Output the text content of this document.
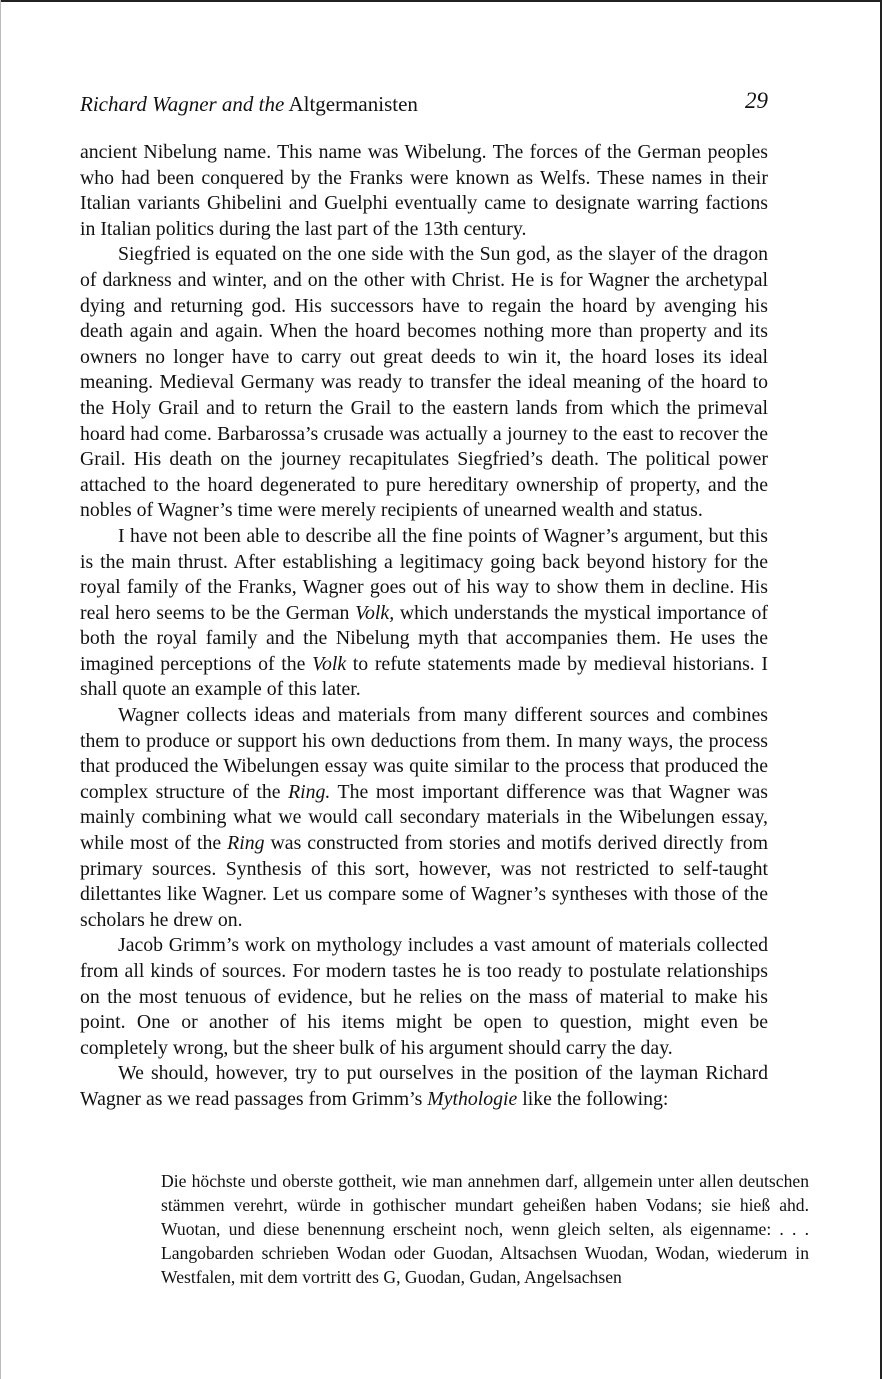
Richard Wagner and the Altgermanisten	29

ancient Nibelung name. This name was Wibelung. The forces of the German peoples who had been conquered by the Franks were known as Welfs. These names in their Italian variants Ghibelini and Guelphi eventually came to designate warring factions in Italian politics during the last part of the 13th century.

Siegfried is equated on the one side with the Sun god, as the slayer of the dragon of darkness and winter, and on the other with Christ. He is for Wagner the archetypal dying and returning god. His successors have to regain the hoard by avenging his death again and again. When the hoard becomes nothing more than property and its owners no longer have to carry out great deeds to win it, the hoard loses its ideal meaning. Medieval Germany was ready to transfer the ideal meaning of the hoard to the Holy Grail and to return the Grail to the eastern lands from which the primeval hoard had come. Barbarossa’s crusade was actually a journey to the east to recover the Grail. His death on the journey recapitulates Siegfried’s death. The political power attached to the hoard degenerated to pure hereditary ownership of property, and the nobles of Wagner’s time were merely recipients of unearned wealth and status.

I have not been able to describe all the fine points of Wagner’s argument, but this is the main thrust. After establishing a legitimacy going back beyond history for the royal family of the Franks, Wagner goes out of his way to show them in decline. His real hero seems to be the German Volk, which understands the mystical importance of both the royal family and the Nibelung myth that accompanies them. He uses the imagined perceptions of the Volk to refute statements made by medieval historians. I shall quote an example of this later.

Wagner collects ideas and materials from many different sources and combines them to produce or support his own deductions from them. In many ways, the process that produced the Wibelungen essay was quite similar to the process that produced the complex structure of the Ring. The most important difference was that Wagner was mainly combining what we would call secondary materials in the Wibelungen essay, while most of the Ring was constructed from stories and motifs derived directly from primary sources. Synthesis of this sort, however, was not restricted to self-taught dilettantes like Wagner. Let us compare some of Wagner’s syntheses with those of the scholars he drew on.

Jacob Grimm’s work on mythology includes a vast amount of materials collected from all kinds of sources. For modern tastes he is too ready to postulate relationships on the most tenuous of evidence, but he relies on the mass of material to make his point. One or another of his items might be open to question, might even be completely wrong, but the sheer bulk of his argument should carry the day.

We should, however, try to put ourselves in the position of the layman Richard Wagner as we read passages from Grimm’s Mythologie like the following:

Die höchste und oberste gottheit, wie man annehmen darf, allgemein unter allen deutschen stämmen verehrt, würde in gothischer mundart geheißen haben Vodans; sie hieß ahd. Wuotan, und diese benennung erscheint noch, wenn gleich selten, als eigenname: . . . Langobarden schrieben Wodan oder Guodan, Altsachsen Wuodan, Wodan, wiederum in Westfalen, mit dem vortritt des G, Guodan, Gudan, Angelsachsen
